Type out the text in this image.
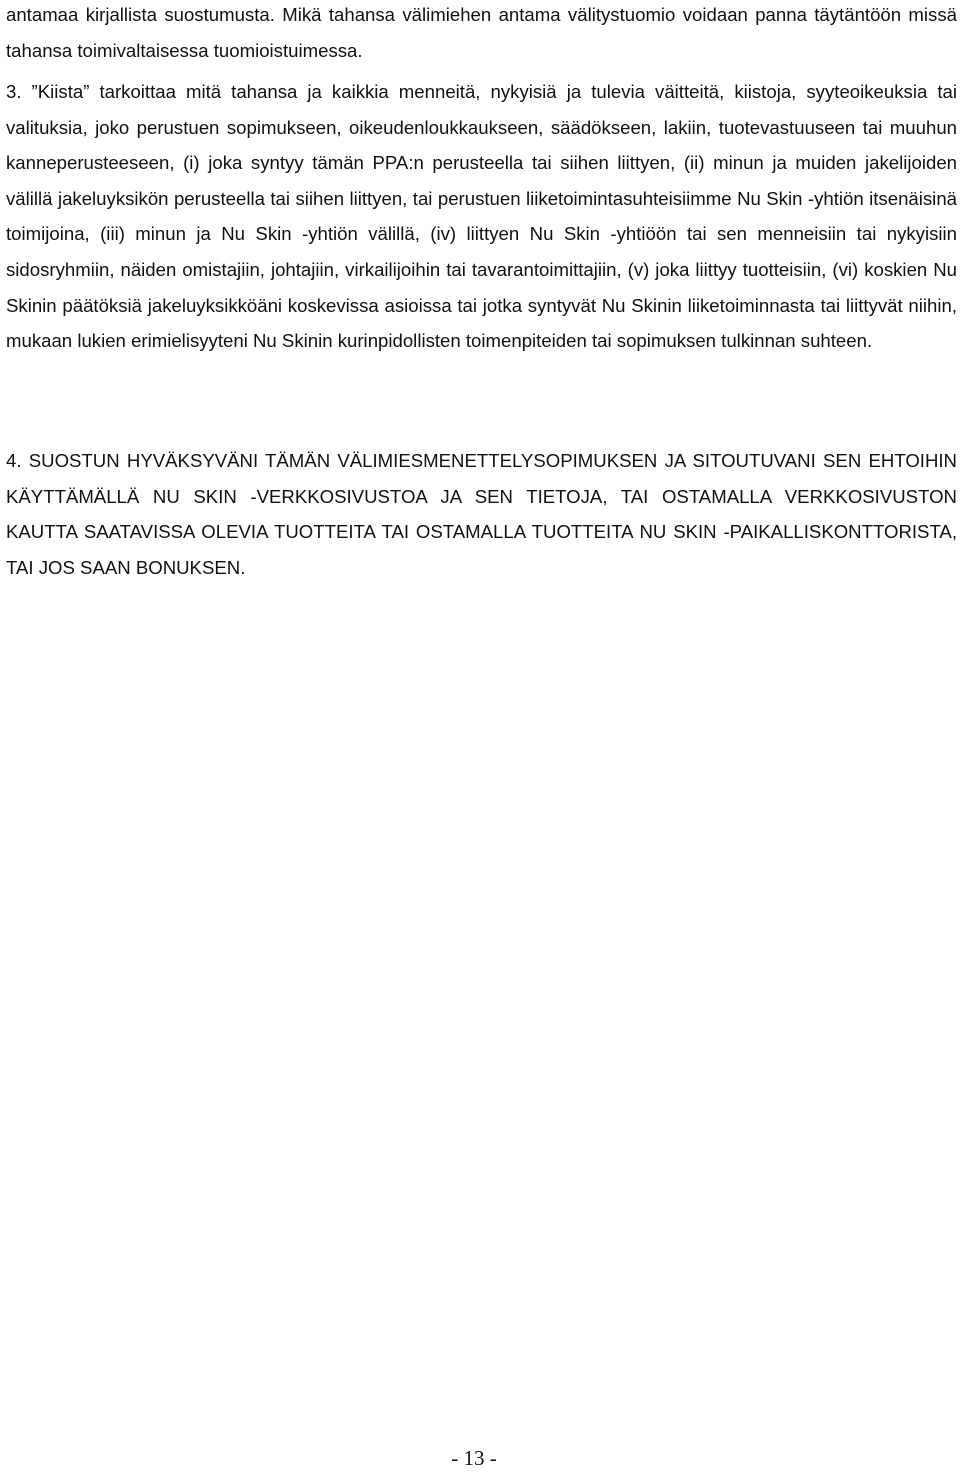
antamaa kirjallista suostumusta. Mikä tahansa välimiehen antama välitystuomio voidaan panna täytäntöön missä tahansa toimivaltaisessa tuomioistuimessa.

3. ”Kiista” tarkoittaa mitä tahansa ja kaikkia menneitä, nykyisiä ja tulevia väitteitä, kiistoja, syyteoikeuksia tai valituksia, joko perustuen sopimukseen, oikeudenloukkaukseen, säädökseen, lakiin, tuotevastuuseen tai muuhun kanneperusteeseen, (i) joka syntyy tämän PPA:n perusteella tai siihen liittyen, (ii) minun ja muiden jakelijoiden välillä jakeluyksikön perusteella tai siihen liittyen, tai perustuen liiketoimintasuhteisiimme Nu Skin -yhtiön itsenäisinä toimijoina, (iii) minun ja Nu Skin -yhtiön välillä, (iv) liittyen Nu Skin -yhtiöön tai sen menneisiin tai nykyisiin sidosryhmiin, näiden omistajiin, johtajiin, virkailijoihin tai tavarantoimittajiin, (v) joka liittyy tuotteisiin, (vi) koskien Nu Skinin päätöksiä jakeluyksikköäni koskevissa asioissa tai jotka syntyvät Nu Skinin liiketoiminnasta tai liittyvät niihin, mukaan lukien erimielisyyteni Nu Skinin kurinpidollisten toimenpiteiden tai sopimuksen tulkinnan suhteen.

4. SUOSTUN HYVÄKSYVÄNI TÄMÄN VÄLIMIESMENETTELYSOPIMUKSEN JA SITOUTUVANI SEN EHTOIHIN KÄYTTÄMÄLLÄ NU SKIN -VERKKOSIVUSTOA JA SEN TIETOJA, TAI OSTAMALLA VERKKOSIVUSTON KAUTTA SAATAVISSA OLEVIA TUOTTEITA TAI OSTAMALLA TUOTTEITA NU SKIN -PAIKALLISKONTTORISTA, TAI JOS SAAN BONUKSEN.

- 13 -
